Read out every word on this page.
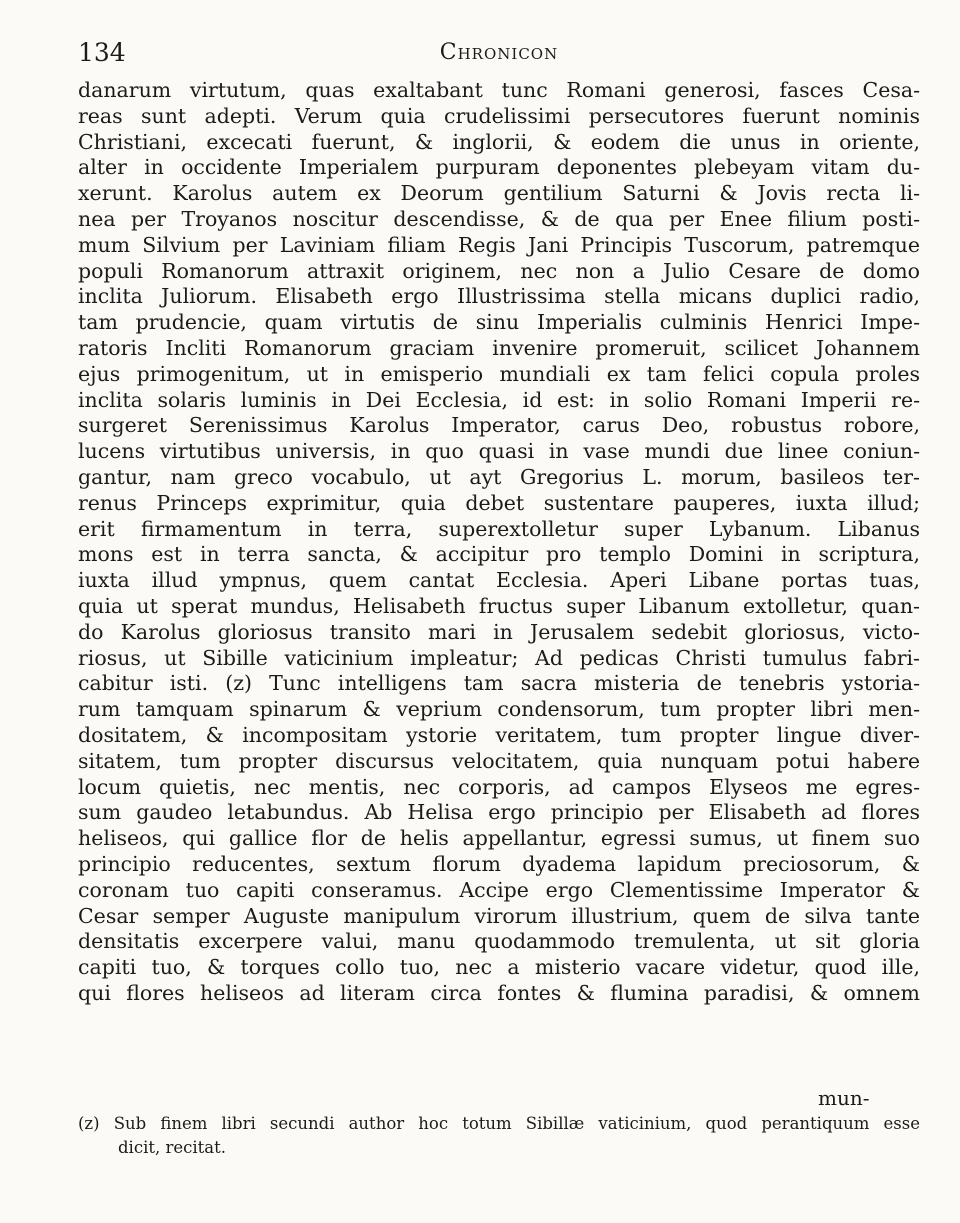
134	Chronicon
danarum virtutum, quas exaltabant tunc Romani generosi, fasces Cesa-
reas sunt adepti. Verum quia crudelissimi persecutores fuerunt nominis
Christiani, excecati fuerunt, & inglorii, & eodem die unus in oriente,
alter in occidente Imperialem purpuram deponentes plebeyam vitam du-
xerunt. Karolus autem ex Deorum gentilium Saturni & Jovis recta li-
nea per Troyanos noscitur descendisse, & de qua per Enee filium posti-
mum Silvium per Laviniam filiam Regis Jani Principis Tuscorum, patremque
populi Romanorum attraxit originem, nec non a Julio Cesare de domo
inclita Juliorum. Elisabeth ergo Illustrissima stella micans duplici radio,
tam prudencie, quam virtutis de sinu Imperialis culminis Henrici Impe-
ratoris Incliti Romanorum graciam invenire promeruit, scilicet Johannem
ejus primogenitum, ut in emisperio mundiali ex tam felici copula proles
inclita solaris luminis in Dei Ecclesia, id est: in solio Romani Imperii re-
surgeret Serenissimus Karolus Imperator, carus Deo, robustus robore,
lucens virtutibus universis, in quo quasi in vase mundi due linee coniun-
gantur, nam greco vocabulo, ut ayt Gregorius L. morum, basileos ter-
renus Princeps exprimitur, quia debet sustentare pauperes, iuxta illud;
erit firmamentum in terra, superextolletur super Lybanum. Libanus
mons est in terra sancta, & accipitur pro templo Domini in scriptura,
iuxta illud ympnus, quem cantat Ecclesia. Aperi Libane portas tuas,
quia ut sperat mundus, Helisabeth fructus super Libanum extolletur, quan-
do Karolus gloriosus transito mari in Jerusalem sedebit gloriosus, victo-
riosus, ut Sibille vaticinium impleatur; Ad pedicas Christi tumulus fabri-
cabitur isti. (z) Tunc intelligens tam sacra misteria de tenebris ystoria-
rum tamquam spinarum & veprium condensorum, tum propter libri men-
dositatem, & incompositam ystorie veritatem, tum propter lingue diver-
sitatem, tum propter discursus velocitatem, quia nunquam potui habere
locum quietis, nec mentis, nec corporis, ad campos Elyseos me egres-
sum gaudeo letabundus. Ab Helisa ergo principio per Elisabeth ad flores
heliseos, qui gallice flor de helis appellantur, egressi sumus, ut finem suo
principio reducentes, sextum florum dyadema lapidum preciosorum, &
coronam tuo capiti conseramus. Accipe ergo Clementissime Imperator &
Cesar semper Auguste manipulum virorum illustrium, quem de silva tante
densitatis excerpere valui, manu quodammodo tremulenta, ut sit gloria
capiti tuo, & torques collo tuo, nec a misterio vacare videtur, quod ille,
qui flores heliseos ad literam circa fontes & flumina paradisi, & omnem
mun-
(z) Sub finem libri secundi author hoc totum Sibillæ vaticinium, quod perantiquum esse
dicit, recitat.
